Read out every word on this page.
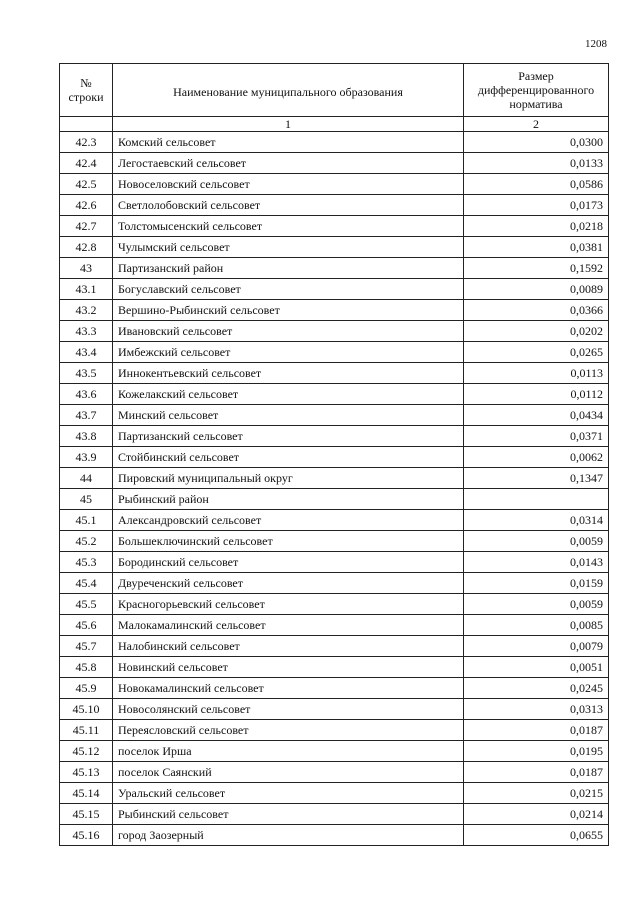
1208
№ строки	Наименование муниципального образования	Размер дифференцированного норматива
	1	2
42.3	Комский сельсовет	0,0300
42.4	Легостаевский сельсовет	0,0133
42.5	Новоселовский сельсовет	0,0586
42.6	Светлолобовский сельсовет	0,0173
42.7	Толстомысенский сельсовет	0,0218
42.8	Чулымский сельсовет	0,0381
43	Партизанский район	0,1592
43.1	Богуславский сельсовет	0,0089
43.2	Вершино-Рыбинский сельсовет	0,0366
43.3	Ивановский сельсовет	0,0202
43.4	Имбежский сельсовет	0,0265
43.5	Иннокентьевский сельсовет	0,0113
43.6	Кожелакский сельсовет	0,0112
43.7	Минский сельсовет	0,0434
43.8	Партизанский сельсовет	0,0371
43.9	Стойбинский сельсовет	0,0062
44	Пировский муниципальный округ	0,1347
45	Рыбинский район	
45.1	Александровский сельсовет	0,0314
45.2	Большеключинский сельсовет	0,0059
45.3	Бородинский сельсовет	0,0143
45.4	Двуреченский сельсовет	0,0159
45.5	Красногорьевский сельсовет	0,0059
45.6	Малокамалинский сельсовет	0,0085
45.7	Налобинский сельсовет	0,0079
45.8	Новинский сельсовет	0,0051
45.9	Новокамалинский сельсовет	0,0245
45.10	Новосолянский сельсовет	0,0313
45.11	Переясловский сельсовет	0,0187
45.12	поселок Ирша	0,0195
45.13	поселок Саянский	0,0187
45.14	Уральский сельсовет	0,0215
45.15	Рыбинский сельсовет	0,0214
45.16	город Заозерный	0,0655
